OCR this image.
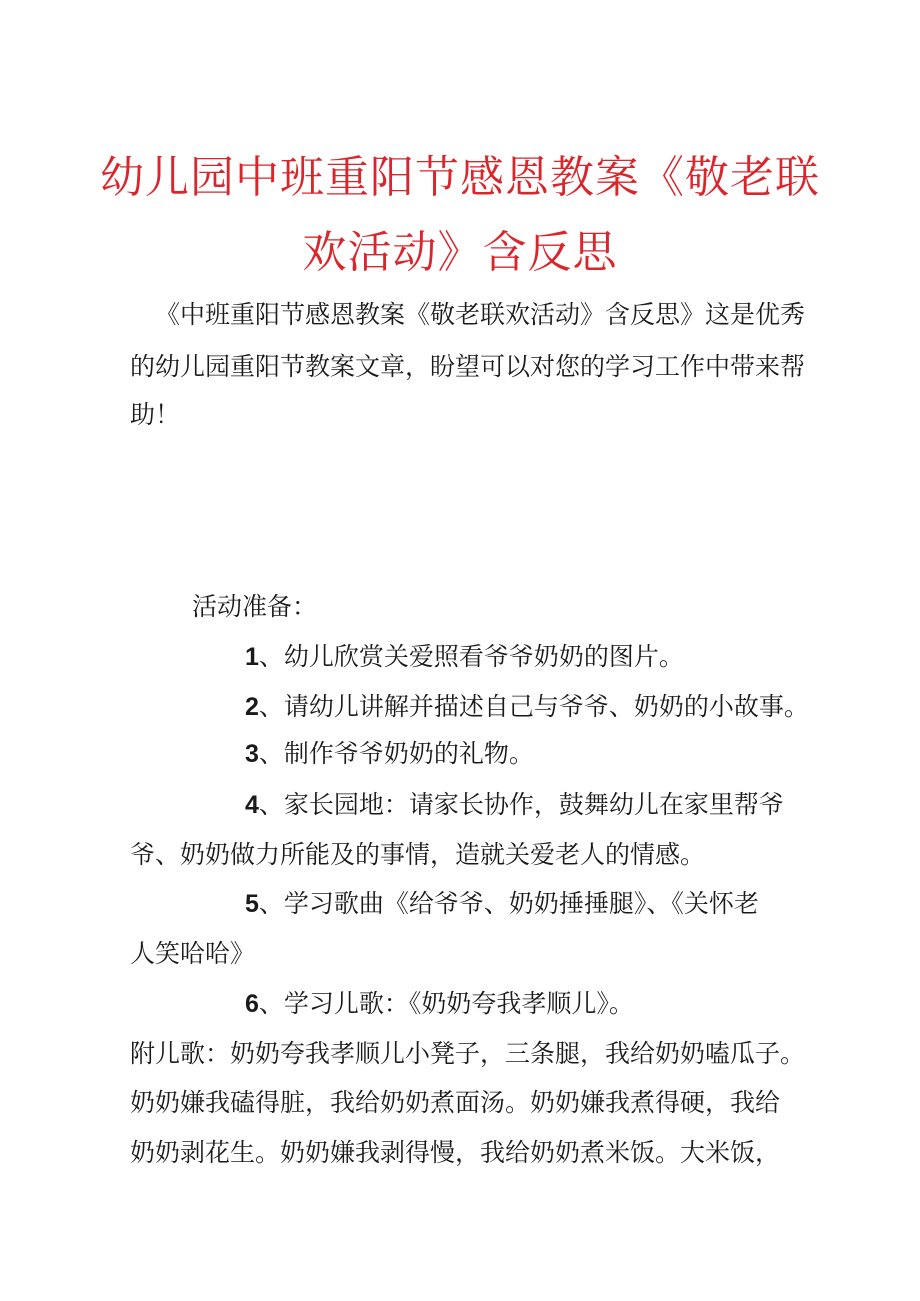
幼儿园中班重阳节感恩教案《敬老联
欢活动》含反思
《中班重阳节感恩教案《敬老联欢活动》含反思》这是优秀
的幼儿园重阳节教案文章，盼望可以对您的学习工作中带来帮
助！
活动准备：
1、幼儿欣赏关爱照看爷爷奶奶的图片。
2、请幼儿讲解并描述自己与爷爷、奶奶的小故事。
3、制作爷爷奶奶的礼物。
4、家长园地：请家长协作，鼓舞幼儿在家里帮爷
爷、奶奶做力所能及的事情，造就关爱老人的情感。
5、学习歌曲《给爷爷、奶奶捶捶腿》、《关怀老
人笑哈哈》
6、学习儿歌：《奶奶夸我孝顺儿》。
附儿歌：奶奶夸我孝顺儿小凳子，三条腿，我给奶奶嗑瓜子。
奶奶嫌我磕得脏，我给奶奶煮面汤。奶奶嫌我煮得硬，我给
奶奶剥花生。奶奶嫌我剥得慢，我给奶奶煮米饭。大米饭，
